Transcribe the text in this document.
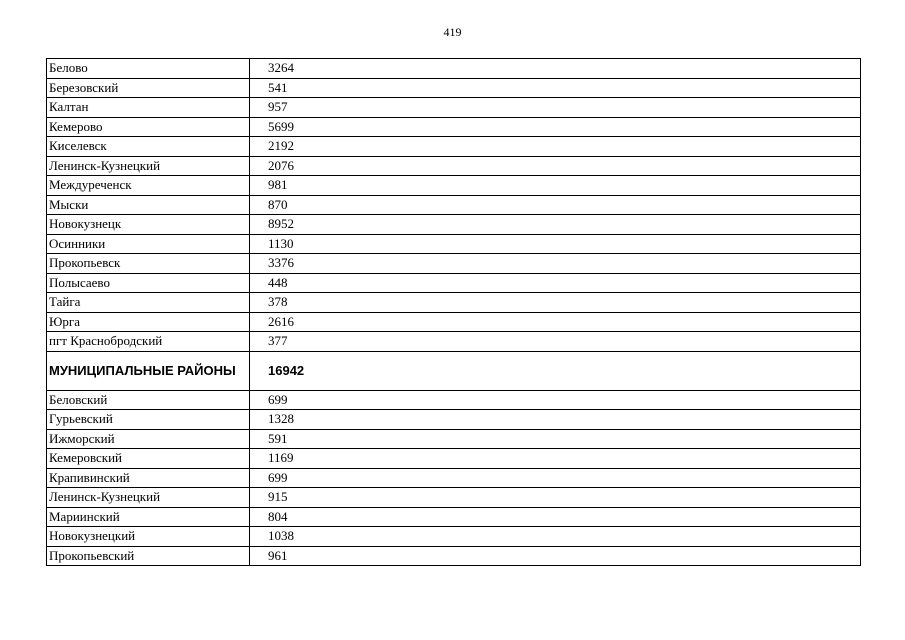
419
Белово	3264
Березовский	541
Калтан	957
Кемерово	5699
Киселевск	2192
Ленинск-Кузнецкий	2076
Междуреченск	981
Мыски	870
Новокузнецк	8952
Осинники	1130
Прокопьевск	3376
Полысаево	448
Тайга	378
Юрга	2616
пгт Краснобродский	377
МУНИЦИПАЛЬНЫЕ РАЙОНЫ	16942
Беловский	699
Гурьевский	1328
Ижморский	591
Кемеровский	1169
Крапивинский	699
Ленинск-Кузнецкий	915
Мариинский	804
Новокузнецкий	1038
Прокопьевский	961
